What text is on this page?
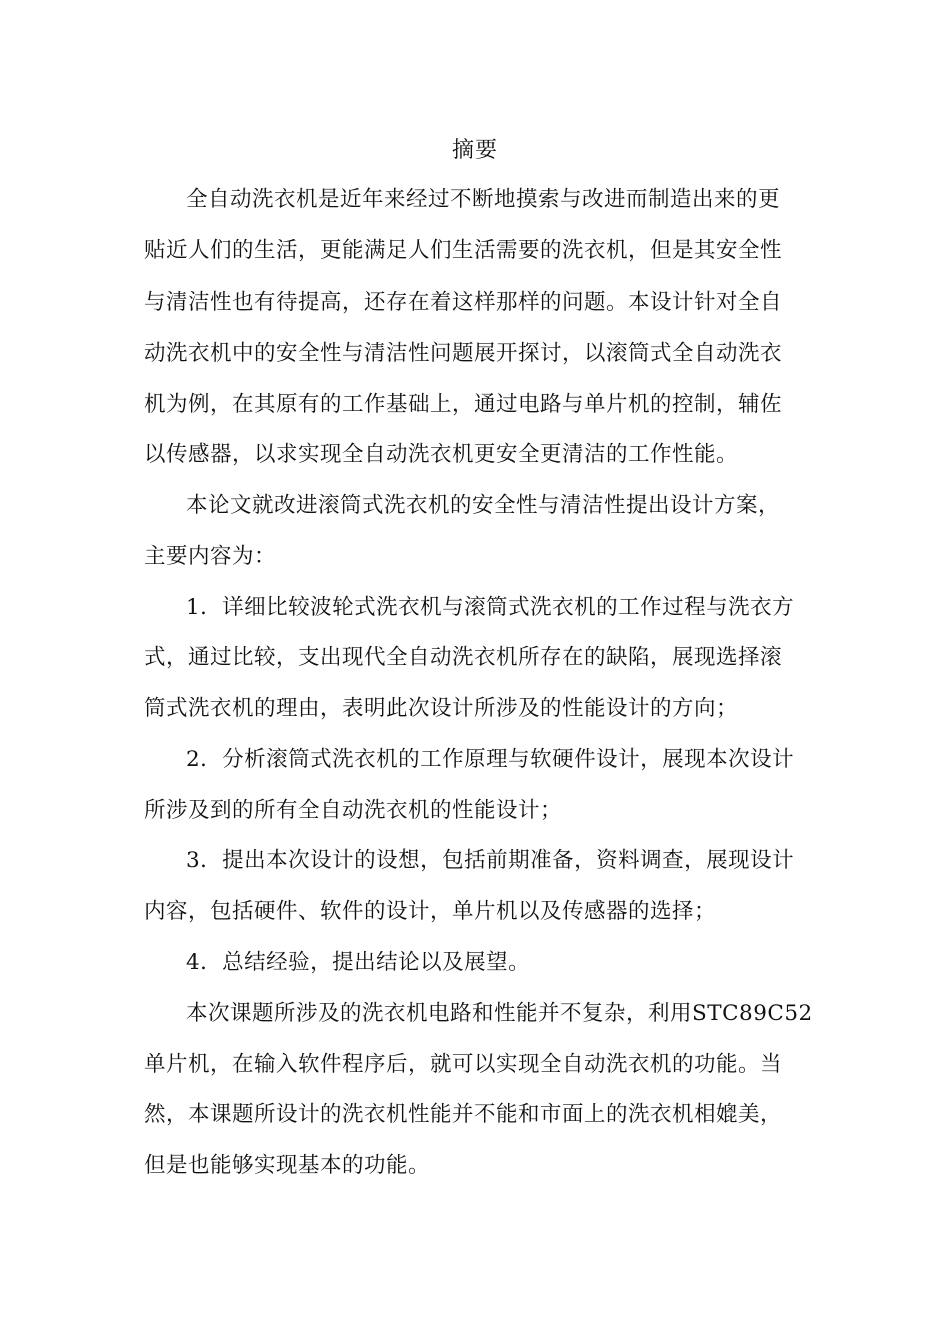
摘要
全自动洗衣机是近年来经过不断地摸索与改进而制造出来的更
贴近人们的生活，更能满足人们生活需要的洗衣机，但是其安全性
与清洁性也有待提高，还存在着这样那样的问题。本设计针对全自
动洗衣机中的安全性与清洁性问题展开探讨，以滚筒式全自动洗衣
机为例，在其原有的工作基础上，通过电路与单片机的控制，辅佐
以传感器，以求实现全自动洗衣机更安全更清洁的工作性能。
本论文就改进滚筒式洗衣机的安全性与清洁性提出设计方案，
主要内容为：
1．详细比较波轮式洗衣机与滚筒式洗衣机的工作过程与洗衣方
式，通过比较，支出现代全自动洗衣机所存在的缺陷，展现选择滚
筒式洗衣机的理由，表明此次设计所涉及的性能设计的方向；
2．分析滚筒式洗衣机的工作原理与软硬件设计，展现本次设计
所涉及到的所有全自动洗衣机的性能设计；
3．提出本次设计的设想，包括前期准备，资料调查，展现设计
内容，包括硬件、软件的设计，单片机以及传感器的选择；
4．总结经验，提出结论以及展望。
本次课题所涉及的洗衣机电路和性能并不复杂，利用STC89C52
单片机，在输入软件程序后，就可以实现全自动洗衣机的功能。当
然，本课题所设计的洗衣机性能并不能和市面上的洗衣机相媲美，
但是也能够实现基本的功能。
